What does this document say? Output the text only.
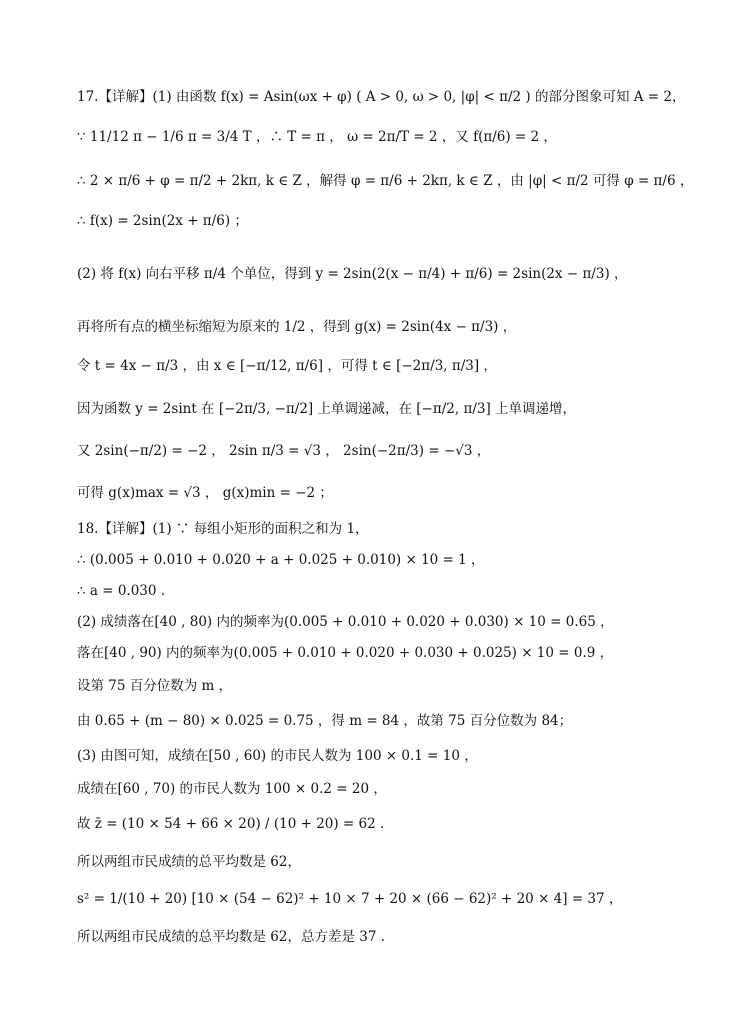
17.【详解】(1) 由函数 f(x) = Asin(ωx + φ) ( A > 0, ω > 0, |φ| < π/2 ) 的部分图象可知 A = 2，
∵ 11/12 π − 1/6 π = 3/4 T ，∴ T = π ， ω = 2π/T = 2 ，又 f(π/6) = 2 ，
∴ 2 × π/6 + φ = π/2 + 2kπ, k ∈ Z ，解得 φ = π/6 + 2kπ, k ∈ Z ，由 |φ| < π/2 可得 φ = π/6 ，
∴ f(x) = 2sin(2x + π/6) ；
(2) 将 f(x) 向右平移 π/4 个单位，得到 y = 2sin(2(x − π/4) + π/6) = 2sin(2x − π/3) ，
再将所有点的横坐标缩短为原来的 1/2 ，得到 g(x) = 2sin(4x − π/3) ，
令 t = 4x − π/3 ，由 x ∈ [−π/12, π/6] ，可得 t ∈ [−2π/3, π/3] ，
因为函数 y = 2sint 在 [−2π/3, −π/2] 上单调递减，在 [−π/2, π/3] 上单调递增，
又 2sin(−π/2) = −2 ， 2sin π/3 = √3 ， 2sin(−2π/3) = −√3 ，
可得 g(x)max = √3 ， g(x)min = −2 ；
18.【详解】(1) ∵ 每组小矩形的面积之和为 1，
∴ (0.005 + 0.010 + 0.020 + a + 0.025 + 0.010) × 10 = 1 ，
∴ a = 0.030 .
(2) 成绩落在[40 , 80) 内的频率为(0.005 + 0.010 + 0.020 + 0.030) × 10 = 0.65 ，
落在[40 , 90) 内的频率为(0.005 + 0.010 + 0.020 + 0.030 + 0.025) × 10 = 0.9 ，
设第 75 百分位数为 m ，
由 0.65 + (m − 80) × 0.025 = 0.75 ，得 m = 84 ，故第 75 百分位数为 84；
(3) 由图可知，成绩在[50 , 60) 的市民人数为 100 × 0.1 = 10 ，
成绩在[60 , 70) 的市民人数为 100 × 0.2 = 20 ，
故 z̄ = (10 × 54 + 66 × 20) / (10 + 20) = 62 .
所以两组市民成绩的总平均数是 62，
s² = 1/(10 + 20) [10 × (54 − 62)² + 10 × 7 + 20 × (66 − 62)² + 20 × 4] = 37 ，
所以两组市民成绩的总平均数是 62，总方差是 37 .
